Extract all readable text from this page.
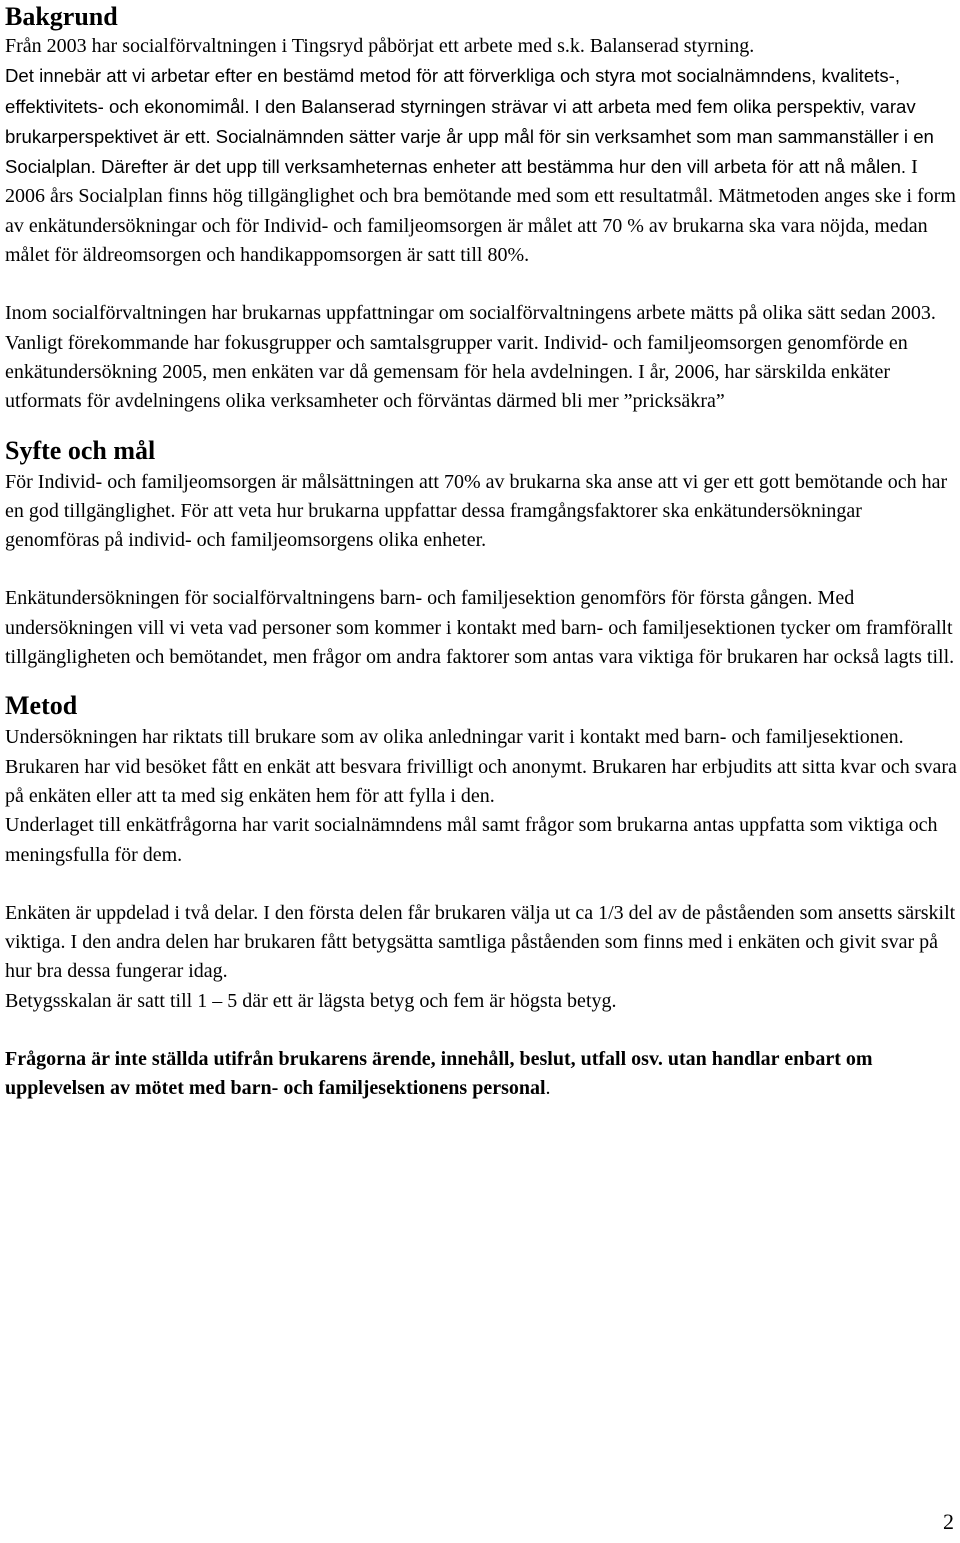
Bakgrund

Från 2003 har socialförvaltningen i Tingsryd påbörjat ett arbete med s.k. Balanserad styrning.

Det innebär att vi arbetar efter en bestämd metod för att förverkliga och styra mot socialnämndens, kvalitets-, effektivitets- och ekonomimål. I den Balanserad styrningen strävar vi att arbeta med fem olika perspektiv, varav brukarperspektivet är ett. Socialnämnden sätter varje år upp mål för sin verksamhet som man sammanställer i en Socialplan. Därefter är det upp till verksamheternas enheter att bestämma hur den vill arbeta för att nå målen. I 2006 års Socialplan finns hög tillgänglighet och bra bemötande med som ett resultatmål. Mätmetoden anges ske i form av enkätundersökningar och för Individ- och familjeomsorgen är målet att 70 % av brukarna ska vara nöjda, medan målet för äldreomsorgen och handikappomsorgen är satt till 80%.

Inom socialförvaltningen har brukarnas uppfattningar om socialförvaltningens arbete mätts på olika sätt sedan 2003. Vanligt förekommande har fokusgrupper och samtalsgrupper varit. Individ- och familjeomsorgen genomförde en enkätundersökning 2005, men enkäten var då gemensam för hela avdelningen. I år, 2006, har särskilda enkäter utformats för avdelningens olika verksamheter och förväntas därmed bli mer ”pricksäkra”

Syfte och mål

För Individ- och familjeomsorgen är målsättningen att 70% av brukarna ska anse att vi ger ett gott bemötande och har en god tillgänglighet. För att veta hur brukarna uppfattar dessa framgångsfaktorer ska enkätundersökningar genomföras på individ- och familjeomsorgens olika enheter.

Enkätundersökningen för socialförvaltningens barn- och familjesektion genomförs för första gången. Med undersökningen vill vi veta vad personer som kommer i kontakt med barn- och familjesektionen tycker om framförallt tillgängligheten och bemötandet, men frågor om andra faktorer som antas vara viktiga för brukaren har också lagts till.

Metod

Undersökningen har riktats till brukare som av olika anledningar varit i kontakt med barn- och familjesektionen. Brukaren har vid besöket fått en enkät att besvara frivilligt och anonymt. Brukaren har erbjudits att sitta kvar och svara på enkäten eller att ta med sig enkäten hem för att fylla i den.

Underlaget till enkätfrågorna har varit socialnämndens mål samt frågor som brukarna antas uppfatta som viktiga och meningsfulla för dem.

Enkäten är uppdelad i två delar. I den första delen får brukaren välja ut ca 1/3 del av de påståenden som ansetts särskilt viktiga. I den andra delen har brukaren fått betygsätta samtliga påståenden som finns med i enkäten och givit svar på hur bra dessa fungerar idag.

Betygsskalan är satt till 1 – 5 där ett är lägsta betyg och fem är högsta betyg.

Frågorna är inte ställda utifrån brukarens ärende, innehåll, beslut, utfall osv. utan handlar enbart om upplevelsen av mötet med barn- och familjesektionens personal.

2
